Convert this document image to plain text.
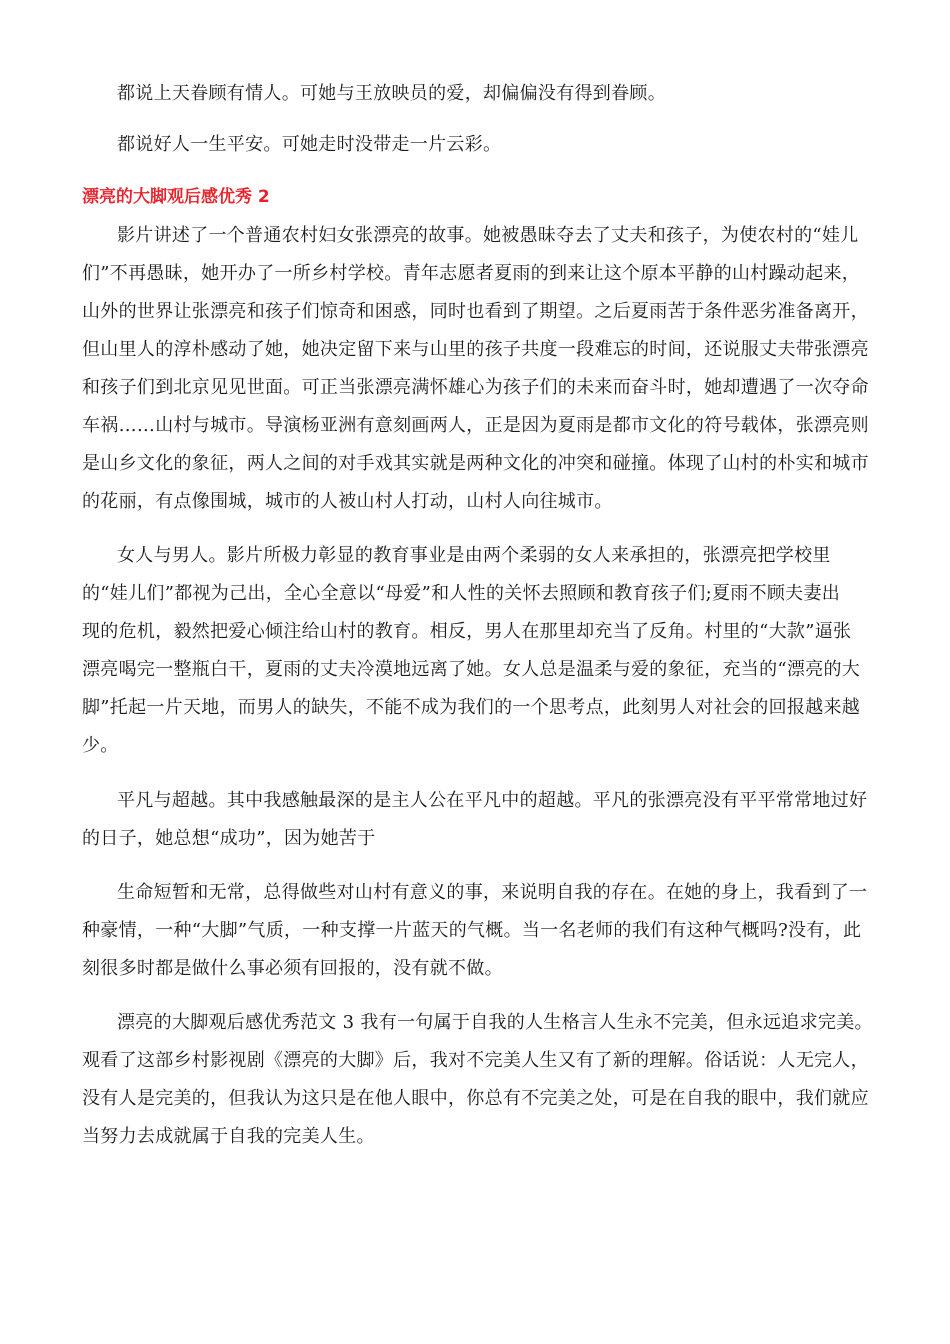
都说上天眷顾有情人。可她与王放映员的爱，却偏偏没有得到眷顾。
都说好人一生平安。可她走时没带走一片云彩。
漂亮的大脚观后感优秀 2
影片讲述了一个普通农村妇女张漂亮的故事。她被愚昧夺去了丈夫和孩子，为使农村的“娃儿
们”不再愚昧，她开办了一所乡村学校。青年志愿者夏雨的到来让这个原本平静的山村躁动起来，
山外的世界让张漂亮和孩子们惊奇和困惑，同时也看到了期望。之后夏雨苦于条件恶劣准备离开，
但山里人的淳朴感动了她，她决定留下来与山里的孩子共度一段难忘的时间，还说服丈夫带张漂亮
和孩子们到北京见见世面。可正当张漂亮满怀雄心为孩子们的未来而奋斗时，她却遭遇了一次夺命
车祸……山村与城市。导演杨亚洲有意刻画两人，正是因为夏雨是都市文化的符号载体，张漂亮则
是山乡文化的象征，两人之间的对手戏其实就是两种文化的冲突和碰撞。体现了山村的朴实和城市
的花丽，有点像围城，城市的人被山村人打动，山村人向往城市。
女人与男人。影片所极力彰显的教育事业是由两个柔弱的女人来承担的，张漂亮把学校里
的“娃儿们”都视为己出，全心全意以“母爱”和人性的关怀去照顾和教育孩子们;夏雨不顾夫妻出
现的危机，毅然把爱心倾注给山村的教育。相反，男人在那里却充当了反角。村里的“大款”逼张
漂亮喝完一整瓶白干，夏雨的丈夫冷漠地远离了她。女人总是温柔与爱的象征，充当的“漂亮的大
脚”托起一片天地，而男人的缺失，不能不成为我们的一个思考点，此刻男人对社会的回报越来越
少。
平凡与超越。其中我感触最深的是主人公在平凡中的超越。平凡的张漂亮没有平平常常地过好
的日子，她总想“成功”，因为她苦于
生命短暂和无常，总得做些对山村有意义的事，来说明自我的存在。在她的身上，我看到了一
种豪情，一种“大脚”气质，一种支撑一片蓝天的气概。当一名老师的我们有这种气概吗?没有，此
刻很多时都是做什么事必须有回报的，没有就不做。
漂亮的大脚观后感优秀范文 3 我有一句属于自我的人生格言人生永不完美，但永远追求完美。
观看了这部乡村影视剧《漂亮的大脚》后，我对不完美人生又有了新的理解。俗话说：人无完人，
没有人是完美的，但我认为这只是在他人眼中，你总有不完美之处，可是在自我的眼中，我们就应
当努力去成就属于自我的完美人生。
